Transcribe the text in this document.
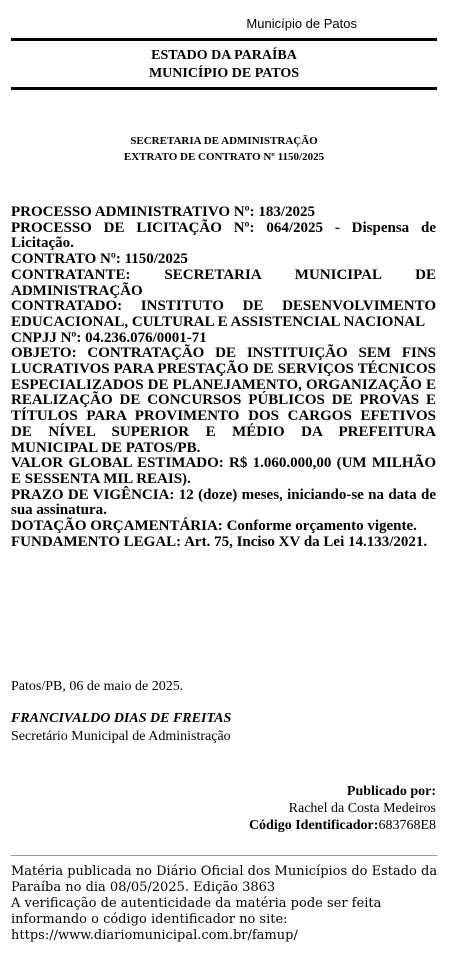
Município de Patos
ESTADO DA PARAÍBA
MUNICÍPIO DE PATOS
SECRETARIA DE ADMINISTRAÇÃO
EXTRATO DE CONTRATO Nº 1150/2025

PROCESSO ADMINISTRATIVO Nº: 183/2025

PROCESSO DE LICITAÇÃO Nº: 064/2025 - Dispensa de Licitação.

CONTRATO Nº: 1150/2025

CONTRATANTE: SECRETARIA MUNICIPAL DE ADMINISTRAÇÃO

CONTRATADO: INSTITUTO DE DESENVOLVIMENTO EDUCACIONAL, CULTURAL E ASSISTENCIAL NACIONAL

CNPJJ Nº: 04.236.076/0001-71

OBJETO: CONTRATAÇÃO DE INSTITUIÇÃO SEM FINS LUCRATIVOS PARA PRESTAÇÃO DE SERVIÇOS TÉCNICOS ESPECIALIZADOS DE PLANEJAMENTO, ORGANIZAÇÃO E REALIZAÇÃO DE CONCURSOS PÚBLICOS DE PROVAS E TÍTULOS PARA PROVIMENTO DOS CARGOS EFETIVOS DE NÍVEL SUPERIOR E MÉDIO DA PREFEITURA MUNICIPAL DE PATOS/PB.

VALOR GLOBAL ESTIMADO: R$ 1.060.000,00 (UM MILHÃO E SESSENTA MIL REAIS).

PRAZO DE VIGÊNCIA: 12 (doze) meses, iniciando-se na data de sua assinatura.

DOTAÇÃO ORÇAMENTÁRIA: Conforme orçamento vigente.

FUNDAMENTO LEGAL: Art. 75, Inciso XV da Lei 14.133/2021.

Patos/PB, 06 de maio de 2025.
FRANCIVALDO DIAS DE FREITAS
Secretário Municipal de Administração
Publicado por:
Rachel da Costa Medeiros
Código Identificador:683768E8

Matéria publicada no Diário Oficial dos Municípios do Estado da Paraíba no dia 08/05/2025. Edição 3863

A verificação de autenticidade da matéria pode ser feita informando o código identificador no site:

https://www.diariomunicipal.com.br/famup/
